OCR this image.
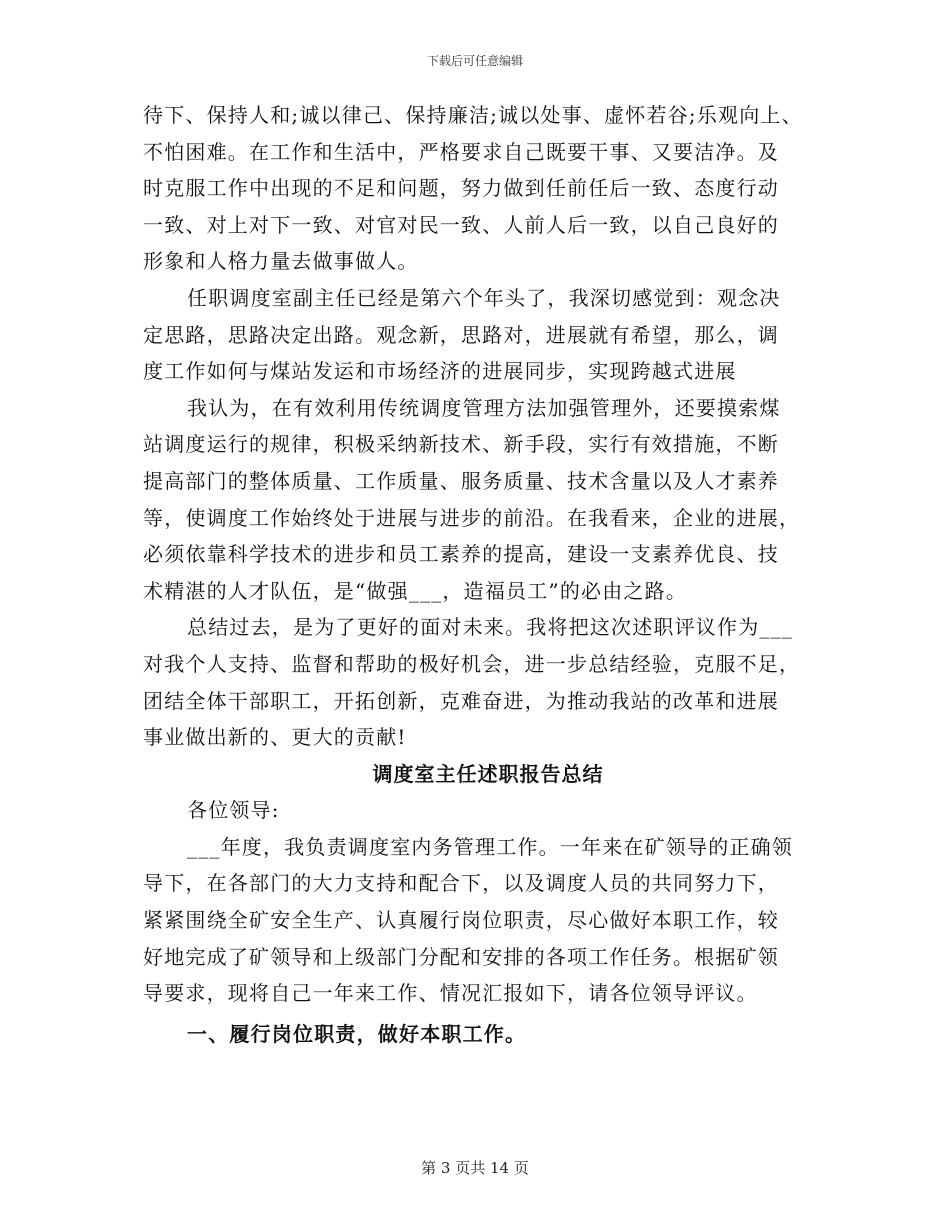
下载后可任意编辑
待下、保持人和;诚以律己、保持廉洁;诚以处事、虚怀若谷;乐观向上、
不怕困难。在工作和生活中，严格要求自己既要干事、又要洁净。及
时克服工作中出现的不足和问题，努力做到任前任后一致、态度行动
一致、对上对下一致、对官对民一致、人前人后一致，以自己良好的
形象和人格力量去做事做人。
任职调度室副主任已经是第六个年头了，我深切感觉到：观念决
定思路，思路决定出路。观念新，思路对，进展就有希望，那么，调
度工作如何与煤站发运和市场经济的进展同步，实现跨越式进展
我认为，在有效利用传统调度管理方法加强管理外，还要摸索煤
站调度运行的规律，积极采纳新技术、新手段，实行有效措施，不断
提高部门的整体质量、工作质量、服务质量、技术含量以及人才素养
等，使调度工作始终处于进展与进步的前沿。在我看来，企业的进展，
必须依靠科学技术的进步和员工素养的提高，建设一支素养优良、技
术精湛的人才队伍，是“做强___，造福员工”的必由之路。
总结过去，是为了更好的面对未来。我将把这次述职评议作为___
对我个人支持、监督和帮助的极好机会，进一步总结经验，克服不足，
团结全体干部职工，开拓创新，克难奋进，为推动我站的改革和进展
事业做出新的、更大的贡献!
调度室主任述职报告总结
各位领导:
___年度，我负责调度室内务管理工作。一年来在矿领导的正确领
导下，在各部门的大力支持和配合下，以及调度人员的共同努力下，
紧紧围绕全矿安全生产、认真履行岗位职责，尽心做好本职工作，较
好地完成了矿领导和上级部门分配和安排的各项工作任务。根据矿领
导要求，现将自己一年来工作、情况汇报如下，请各位领导评议。
一、履行岗位职责，做好本职工作。
第 3 页共 14 页
